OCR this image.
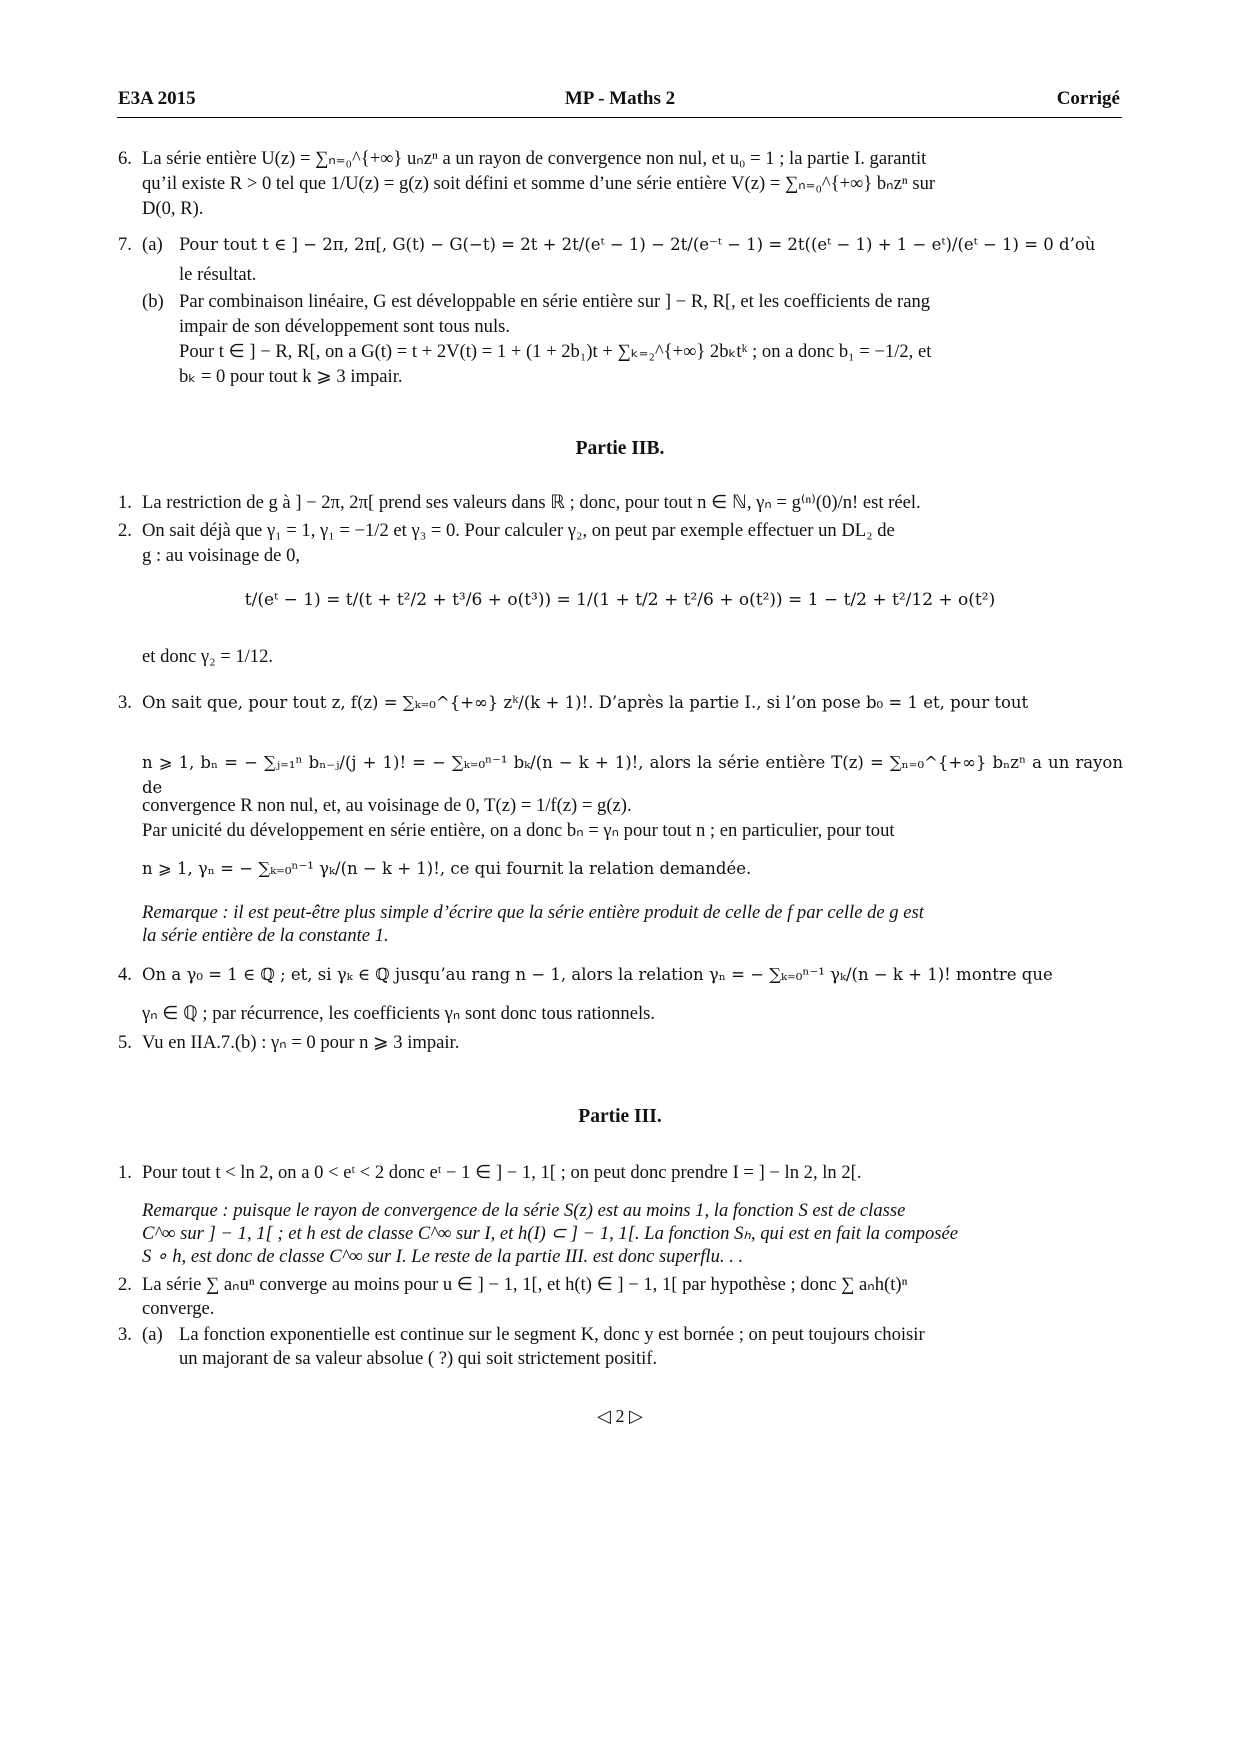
E3A 2015	MP - Maths 2	Corrigé
6. La série entière U(z) = ∑ₙ₌₀^{+∞} uₙzⁿ a un rayon de convergence non nul, et u₀ = 1 ; la partie I. garantit
qu’il existe R > 0 tel que 1/U(z) = g(z) soit défini et somme d’une série entière V(z) = ∑ₙ₌₀^{+∞} bₙzⁿ sur
D(0, R).
7. (a) Pour tout t ∈ ] − 2π, 2π[, G(t) − G(−t) = 2t + 2t/(eᵗ − 1) − 2t/(e⁻ᵗ − 1) = 2t((eᵗ − 1) + 1 − eᵗ)/(eᵗ − 1) = 0 d’où
le résultat.
(b) Par combinaison linéaire, G est développable en série entière sur ] − R, R[, et les coefficients de rang
impair de son développement sont tous nuls.
Pour t ∈ ] − R, R[, on a G(t) = t + 2V(t) = 1 + (1 + 2b₁)t + ∑ₖ₌₂^{+∞} 2bₖtᵏ ; on a donc b₁ = −1/2, et
bₖ = 0 pour tout k ⩾ 3 impair.
Partie IIB.
1. La restriction de g à ] − 2π, 2π[ prend ses valeurs dans ℝ ; donc, pour tout n ∈ ℕ, γₙ = g⁽ⁿ⁾(0)/n! est réel.
2. On sait déjà que γ₁ = 1, γ₁ = −1/2 et γ₃ = 0. Pour calculer γ₂, on peut par exemple effectuer un DL₂ de
g : au voisinage de 0,
et donc γ₂ = 1/12.
t/(eᵗ − 1) = t/(t + t²/2 + t³/6 + o(t³)) = 1/(1 + t/2 + t²/6 + o(t²)) = 1 − t/2 + t²/12 + o(t²)
3. On sait que, pour tout z, f(z) = ∑ₖ₌₀^{+∞} zᵏ/(k + 1)!. D’après la partie I., si l’on pose b₀ = 1 et, pour tout
n ⩾ 1, bₙ = − ∑ⱼ₌₁ⁿ bₙ₋ⱼ/(j + 1)! = − ∑ₖ₌₀ⁿ⁻¹ bₖ/(n − k + 1)!, alors la série entière T(z) = ∑ₙ₌₀^{+∞} bₙzⁿ a un rayon de
convergence R non nul, et, au voisinage de 0, T(z) = 1/f(z) = g(z).
Par unicité du développement en série entière, on a donc bₙ = γₙ pour tout n ; en particulier, pour tout
n ⩾ 1, γₙ = − ∑ₖ₌₀ⁿ⁻¹ γₖ/(n − k + 1)!, ce qui fournit la relation demandée.
Remarque : il est peut-être plus simple d’écrire que la série entière produit de celle de f par celle de g est
la série entière de la constante 1.
4. On a γ₀ = 1 ∈ ℚ ; et, si γₖ ∈ ℚ jusqu’au rang n − 1, alors la relation γₙ = − ∑ₖ₌₀ⁿ⁻¹ γₖ/(n − k + 1)! montre que
γₙ ∈ ℚ ; par récurrence, les coefficients γₙ sont donc tous rationnels.
5. Vu en IIA.7.(b) : γₙ = 0 pour n ⩾ 3 impair.
Partie III.
1. Pour tout t < ln 2, on a 0 < eᵗ < 2 donc eᵗ − 1 ∈ ] − 1, 1[ ; on peut donc prendre I = ] − ln 2, ln 2[.
Remarque : puisque le rayon de convergence de la série S(z) est au moins 1, la fonction S est de classe
C^∞ sur ] − 1, 1[ ; et h est de classe C^∞ sur I, et h(I) ⊂ ] − 1, 1[. La fonction Sₕ, qui est en fait la composée
S ∘ h, est donc de classe C^∞ sur I. Le reste de la partie III. est donc superflu. . .
2. La série ∑ aₙuⁿ converge au moins pour u ∈ ] − 1, 1[, et h(t) ∈ ] − 1, 1[ par hypothèse ; donc ∑ aₙh(t)ⁿ
converge.
3. (a) La fonction exponentielle est continue sur le segment K, donc y est bornée ; on peut toujours choisir
un majorant de sa valeur absolue ( ?) qui soit strictement positif.
◁ 2 ▷
